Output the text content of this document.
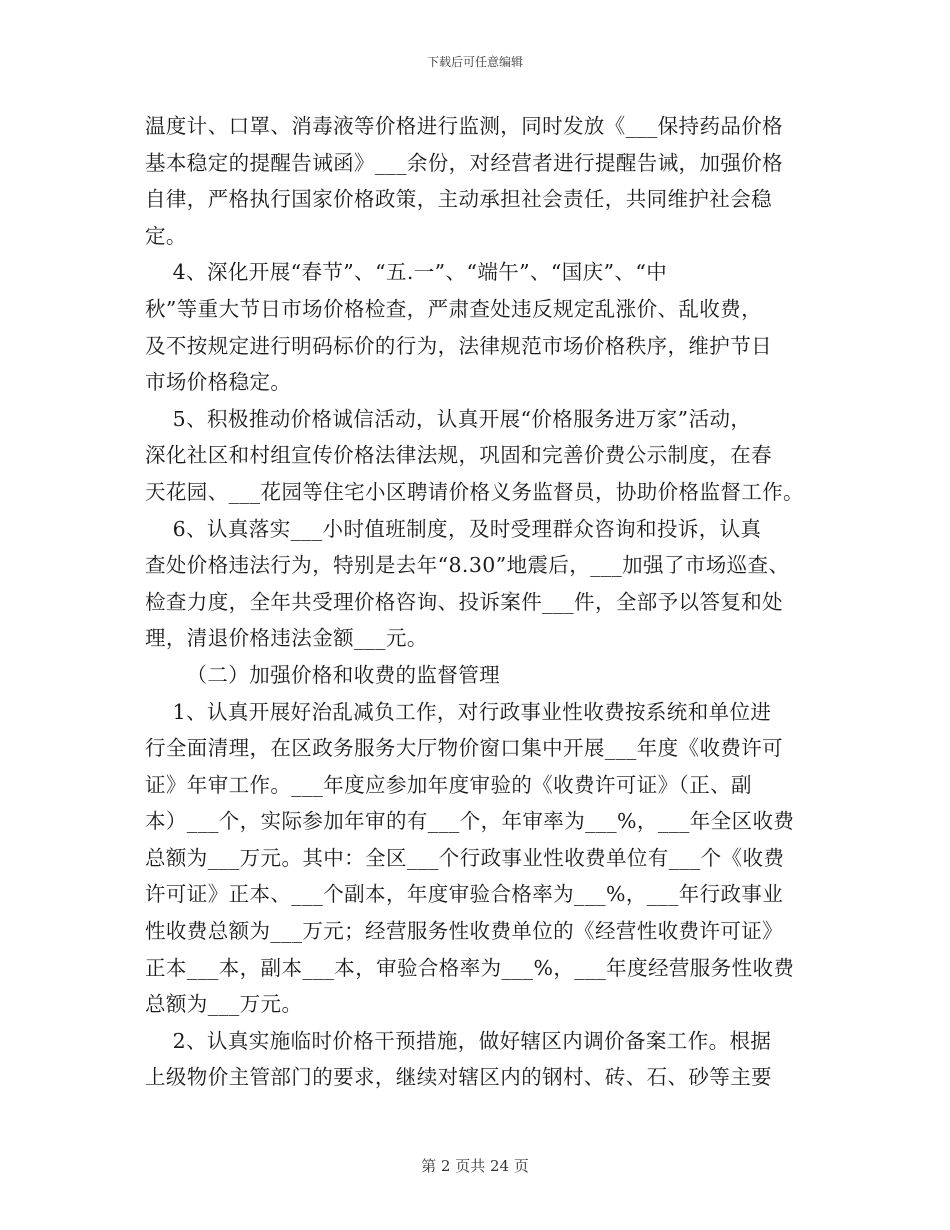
下载后可任意编辑
温度计、口罩、消毒液等价格进行监测，同时发放《___保持药品价格
基本稳定的提醒告诫函》___余份，对经营者进行提醒告诫，加强价格
自律，严格执行国家价格政策，主动承担社会责任，共同维护社会稳
定。
4、深化开展“春节”、“五.一”、“端午”、“国庆”、“中
秋”等重大节日市场价格检查，严肃查处违反规定乱涨价、乱收费，
及不按规定进行明码标价的行为，法律规范市场价格秩序，维护节日
市场价格稳定。
5、积极推动价格诚信活动，认真开展“价格服务进万家”活动，
深化社区和村组宣传价格法律法规，巩固和完善价费公示制度，在春
天花园、___花园等住宅小区聘请价格义务监督员，协助价格监督工作。
6、认真落实___小时值班制度，及时受理群众咨询和投诉，认真
查处价格违法行为，特别是去年“8.30”地震后，___加强了市场巡查、
检查力度，全年共受理价格咨询、投诉案件___件，全部予以答复和处
理，清退价格违法金额___元。
（二）加强价格和收费的监督管理
1、认真开展好治乱减负工作，对行政事业性收费按系统和单位进
行全面清理，在区政务服务大厅物价窗口集中开展___年度《收费许可
证》年审工作。___年度应参加年度审验的《收费许可证》（正、副
本）___个，实际参加年审的有___个，年审率为___%，___年全区收费
总额为___万元。其中：全区___个行政事业性收费单位有___个《收费
许可证》正本、___个副本，年度审验合格率为___%，___年行政事业
性收费总额为___万元；经营服务性收费单位的《经营性收费许可证》
正本___本，副本___本，审验合格率为___%，___年度经营服务性收费
总额为___万元。
2、认真实施临时价格干预措施，做好辖区内调价备案工作。根据
上级物价主管部门的要求，继续对辖区内的钢村、砖、石、砂等主要
第 2 页共 24 页
